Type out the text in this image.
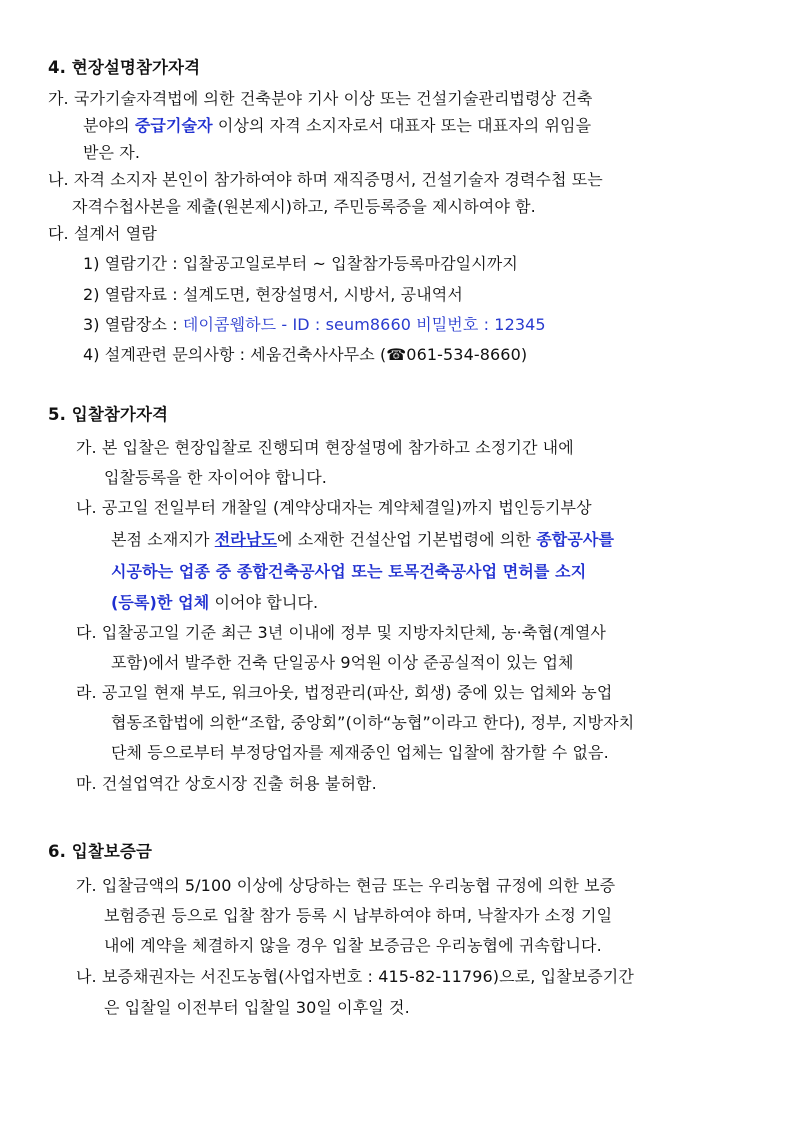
4. 현장설명참가자격
가. 국가기술자격법에 의한 건축분야 기사 이상 또는 건설기술관리법령상 건축
분야의 중급기술자 이상의 자격 소지자로서 대표자 또는 대표자의 위임을
받은 자.
나. 자격 소지자 본인이 참가하여야 하며 재직증명서, 건설기술자 경력수첩 또는
자격수첩사본을 제출(원본제시)하고, 주민등록증을 제시하여야 함.
다. 설계서 열람
1) 열람기간 : 입찰공고일로부터 ~ 입찰참가등록마감일시까지
2) 열람자료 : 설계도면, 현장설명서, 시방서, 공내역서
3) 열람장소 : 데이콤웹하드 - ID : seum8660 비밀번호 : 12345
4) 설계관련 문의사항 : 세움건축사사무소 (☎061-534-8660)
5. 입찰참가자격
가. 본 입찰은 현장입찰로 진행되며 현장설명에 참가하고 소정기간 내에
입찰등록을 한 자이어야 합니다.
나. 공고일 전일부터 개찰일 (계약상대자는 계약체결일)까지 법인등기부상
본점 소재지가 전라남도에 소재한 건설산업 기본법령에 의한 종합공사를
시공하는 업종 중 종합건축공사업 또는 토목건축공사업 면허를 소지
(등록)한 업체 이어야 합니다.
다. 입찰공고일 기준 최근 3년 이내에 정부 및 지방자치단체, 농·축협(계열사
포함)에서 발주한 건축 단일공사 9억원 이상 준공실적이 있는 업체
라. 공고일 현재 부도, 워크아웃, 법정관리(파산, 회생) 중에 있는 업체와 농업
협동조합법에 의한“조합, 중앙회”(이하“농협”이라고 한다), 정부, 지방자치
단체 등으로부터 부정당업자를 제재중인 업체는 입찰에 참가할 수 없음.
마. 건설업역간 상호시장 진출 허용 불허함.
6. 입찰보증금
가. 입찰금액의 5/100 이상에 상당하는 현금 또는 우리농협 규정에 의한 보증
보험증권 등으로 입찰 참가 등록 시 납부하여야 하며, 낙찰자가 소정 기일
내에 계약을 체결하지 않을 경우 입찰 보증금은 우리농협에 귀속합니다.
나. 보증채권자는 서진도농협(사업자번호 : 415-82-11796)으로, 입찰보증기간
은 입찰일 이전부터 입찰일 30일 이후일 것.
